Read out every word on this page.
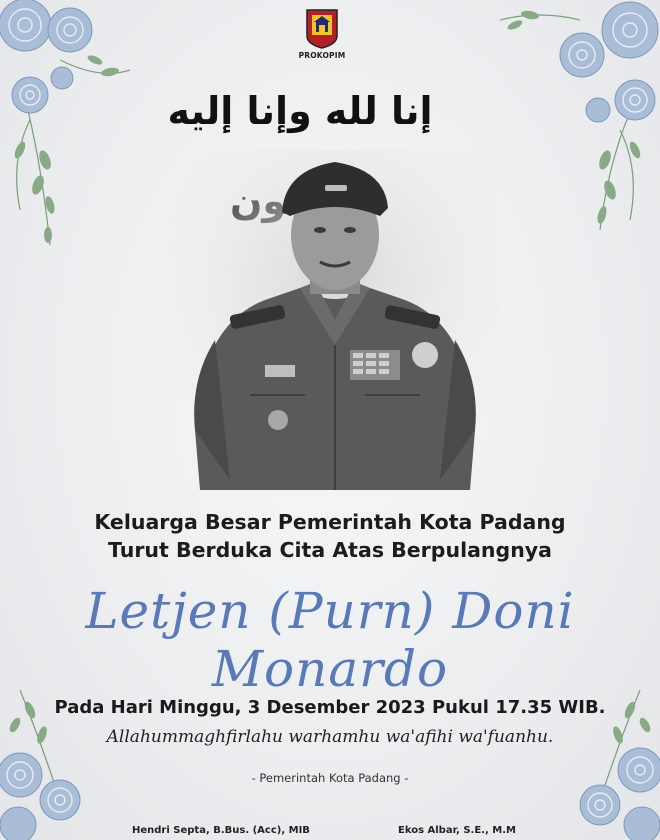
PROKOPIM
إنا لله وإنا إليه
Keluarga Besar Pemerintah Kota Padang
Turut Berduka Cita Atas Berpulangnya
Letjen (Purn) Doni Monardo
Pada Hari Minggu, 3 Desember 2023 Pukul 17.35 WIB.
Allahummaghfirlahu warhamhu wa'afihi wa'fuanhu.
- Pemerintah Kota Padang -
Hendri Septa, B.Bus. (Acc), MIB	Ekos Albar, S.E., M.M
